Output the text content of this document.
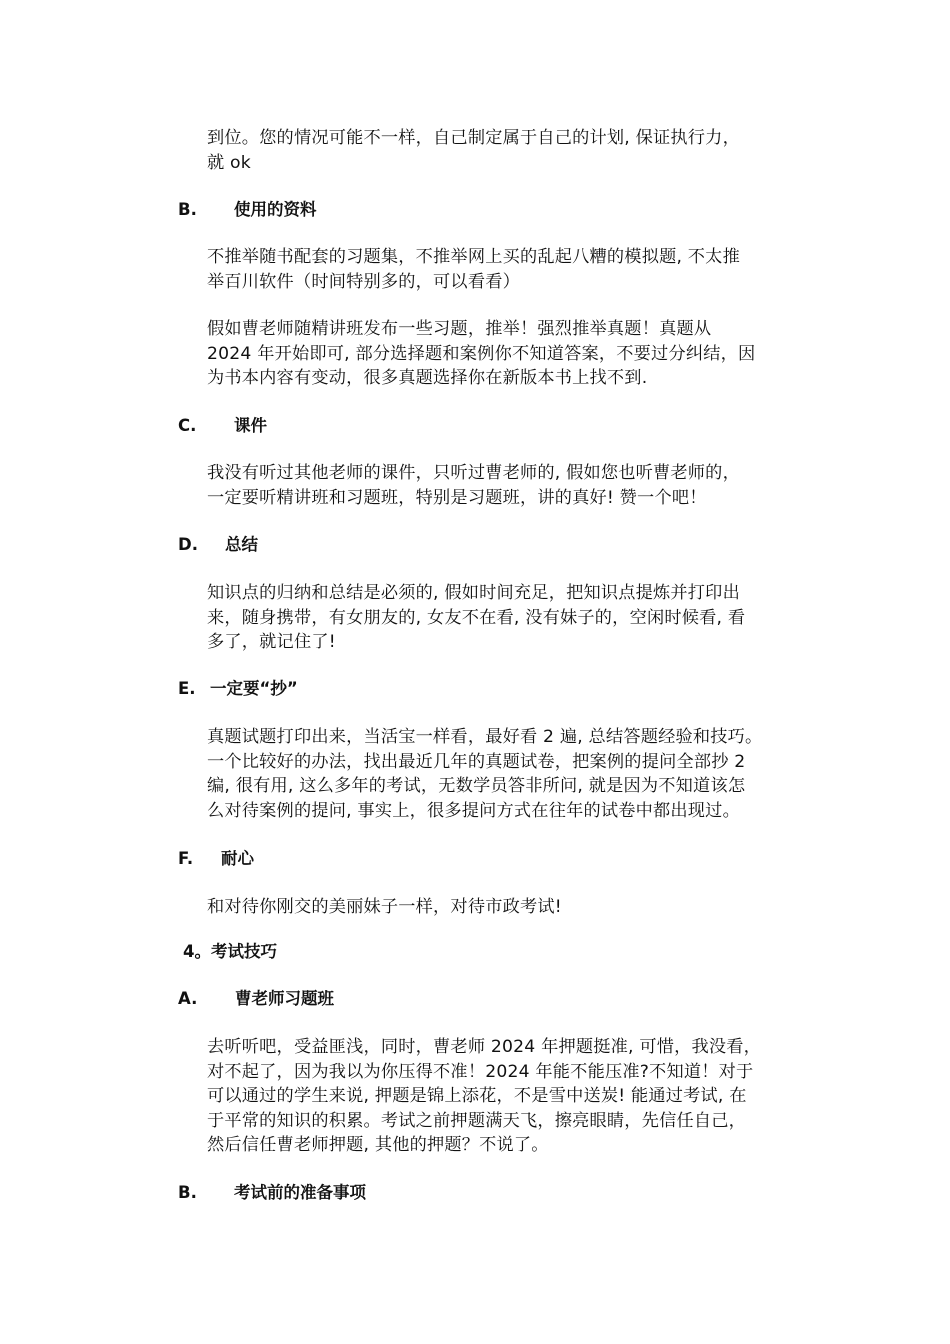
到位。您的情况可能不一样，自己制定属于自己的计划, 保证执行力，
就 ok

B. 使用的资料

不推举随书配套的习题集，不推举网上买的乱起八糟的模拟题, 不太推
举百川软件（时间特别多的，可以看看）

假如曹老师随精讲班发布一些习题，推举！强烈推举真题！真题从
2024 年开始即可, 部分选择题和案例你不知道答案，不要过分纠结，因
为书本内容有变动，很多真题选择你在新版本书上找不到.

C. 课件

我没有听过其他老师的课件，只听过曹老师的, 假如您也听曹老师的，
一定要听精讲班和习题班，特别是习题班，讲的真好! 赞一个吧！

D. 总结

知识点的归纳和总结是必须的, 假如时间充足，把知识点提炼并打印出
来，随身携带，有女朋友的, 女友不在看, 没有妹子的，空闲时候看, 看
多了，就记住了!

E. 一定要“抄”

真题试题打印出来，当活宝一样看，最好看 2 遍, 总结答题经验和技巧。
一个比较好的办法，找出最近几年的真题试卷，把案例的提问全部抄 2
编, 很有用, 这么多年的考试，无数学员答非所问, 就是因为不知道该怎
么对待案例的提问, 事实上，很多提问方式在往年的试卷中都出现过。

F. 耐心

和对待你刚交的美丽妹子一样，对待市政考试!

4。考试技巧
A. 曹老师习题班

去听听吧，受益匪浅，同时，曹老师 2024 年押题挺准, 可惜，我没看，
对不起了，因为我以为你压得不准！2024 年能不能压准?不知道！对于
可以通过的学生来说, 押题是锦上添花，不是雪中送炭! 能通过考试, 在
于平常的知识的积累。考试之前押题满天飞，擦亮眼睛，先信任自己，
然后信任曹老师押题, 其他的押题？不说了。

B. 考试前的准备事项
